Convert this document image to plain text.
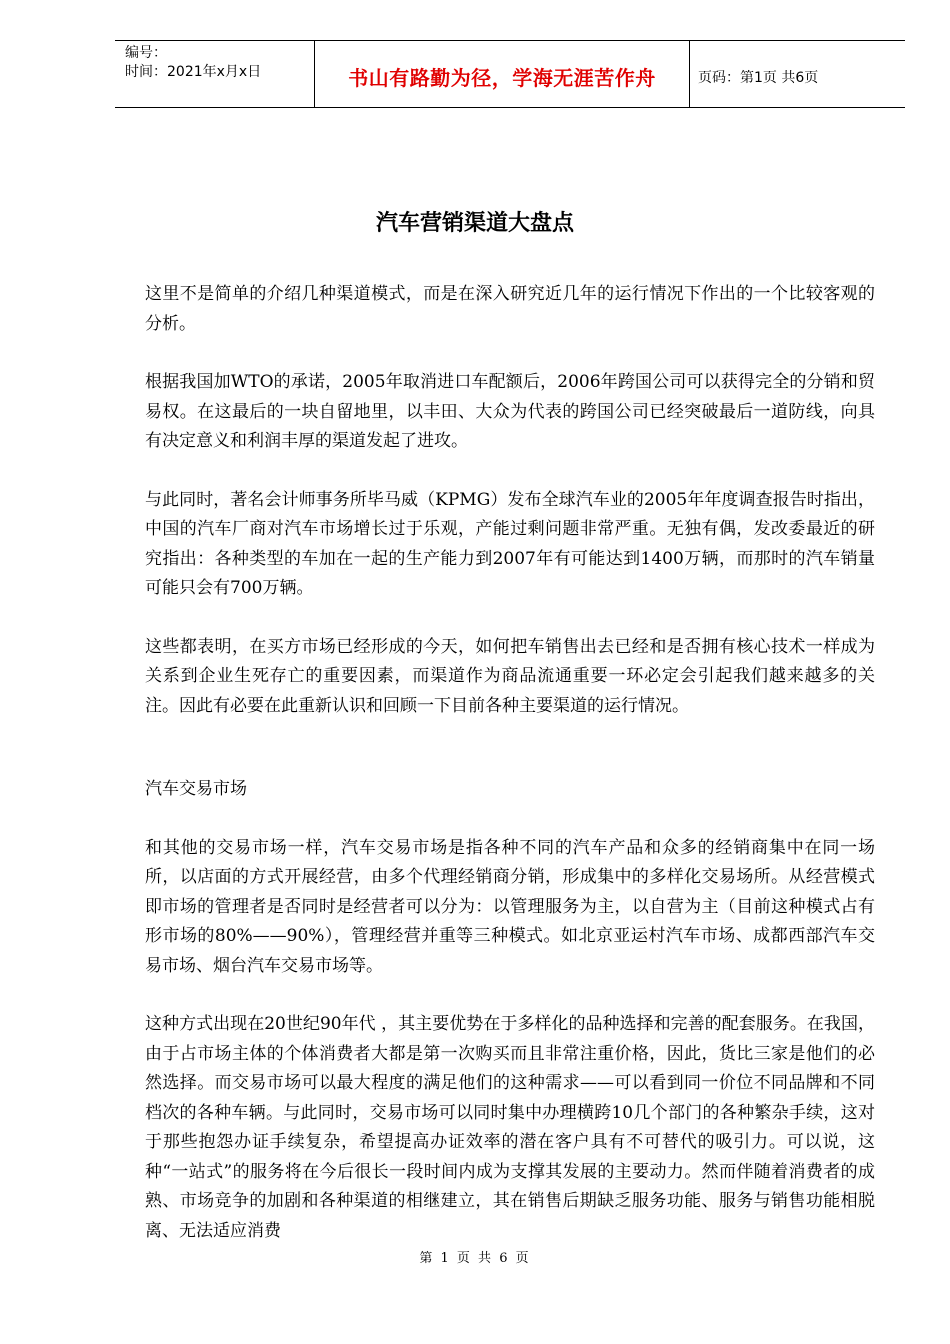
编号：
时间：2021年x月x日	书山有路勤为径，学海无涯苦作舟	页码：第1页 共6页
汽车营销渠道大盘点

这里不是简单的介绍几种渠道模式，而是在深入研究近几年的运行情况下作出的一个比较客观的分析。

根据我国加WTO的承诺，2005年取消进口车配额后，2006年跨国公司可以获得完全的分销和贸易权。在这最后的一块自留地里，以丰田、大众为代表的跨国公司已经突破最后一道防线，向具有决定意义和利润丰厚的渠道发起了进攻。

与此同时，著名会计师事务所毕马威（KPMG）发布全球汽车业的2005年年度调查报告时指出，中国的汽车厂商对汽车市场增长过于乐观，产能过剩问题非常严重。无独有偶，发改委最近的研究指出：各种类型的车加在一起的生产能力到2007年有可能达到1400万辆，而那时的汽车销量可能只会有700万辆。

这些都表明，在买方市场已经形成的今天，如何把车销售出去已经和是否拥有核心技术一样成为关系到企业生死存亡的重要因素，而渠道作为商品流通重要一环必定会引起我们越来越多的关注。因此有必要在此重新认识和回顾一下目前各种主要渠道的运行情况。

汽车交易市场

和其他的交易市场一样，汽车交易市场是指各种不同的汽车产品和众多的经销商集中在同一场所，以店面的方式开展经营，由多个代理经销商分销，形成集中的多样化交易场所。从经营模式即市场的管理者是否同时是经营者可以分为：以管理服务为主，以自营为主（目前这种模式占有形市场的80%——90%），管理经营并重等三种模式。如北京亚运村汽车市场、成都西部汽车交易市场、烟台汽车交易市场等。

这种方式出现在20世纪90年代 ，其主要优势在于多样化的品种选择和完善的配套服务。在我国，由于占市场主体的个体消费者大都是第一次购买而且非常注重价格，因此，货比三家是他们的必然选择。而交易市场可以最大程度的满足他们的这种需求——可以看到同一价位不同品牌和不同档次的各种车辆。与此同时，交易市场可以同时集中办理横跨10几个部门的各种繁杂手续，这对于那些抱怨办证手续复杂，希望提高办证效率的潜在客户具有不可替代的吸引力。可以说，这种“一站式”的服务将在今后很长一段时间内成为支撑其发展的主要动力。然而伴随着消费者的成熟、市场竞争的加剧和各种渠道的相继建立，其在销售后期缺乏服务功能、服务与销售功能相脱离、无法适应消费

第 1 页 共 6 页
